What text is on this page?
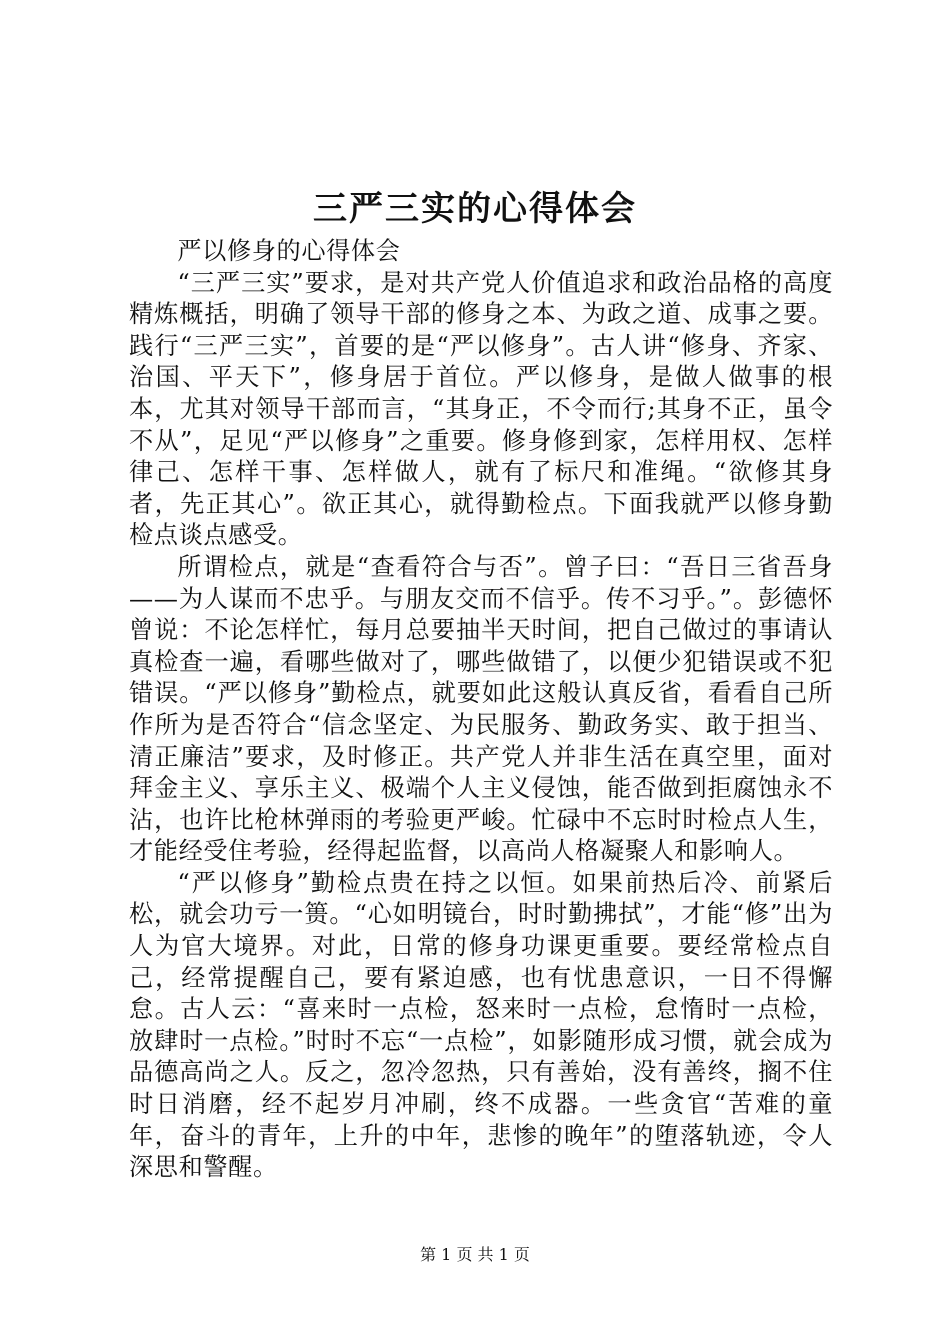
三严三实的心得体会

严以修身的心得体会

“三严三实”要求，是对共产党人价值追求和政治品格的高度精炼概括，明确了领导干部的修身之本、为政之道、成事之要。践行“三严三实”，首要的是“严以修身”。古人讲“修身、齐家、治国、平天下”，修身居于首位。严以修身，是做人做事的根本，尤其对领导干部而言，“其身正，不令而行;其身不正，虽令不从”，足见“严以修身”之重要。修身修到家，怎样用权、怎样律己、怎样干事、怎样做人，就有了标尺和准绳。“欲修其身者，先正其心”。欲正其心，就得勤检点。下面我就严以修身勤检点谈点感受。

所谓检点，就是“查看符合与否”。曾子曰：“吾日三省吾身——为人谋而不忠乎。与朋友交而不信乎。传不习乎。”。彭德怀曾说：不论怎样忙，每月总要抽半天时间，把自己做过的事请认真检查一遍，看哪些做对了，哪些做错了，以便少犯错误或不犯错误。“严以修身”勤检点，就要如此这般认真反省，看看自己所作所为是否符合“信念坚定、为民服务、勤政务实、敢于担当、清正廉洁”要求，及时修正。共产党人并非生活在真空里，面对拜金主义、享乐主义、极端个人主义侵蚀，能否做到拒腐蚀永不沾，也许比枪林弹雨的考验更严峻。忙碌中不忘时时检点人生，才能经受住考验，经得起监督，以高尚人格凝聚人和影响人。

“严以修身”勤检点贵在持之以恒。如果前热后冷、前紧后松，就会功亏一篑。“心如明镜台，时时勤拂拭”，才能“修”出为人为官大境界。对此，日常的修身功课更重要。要经常检点自己，经常提醒自己，要有紧迫感，也有忧患意识，一日不得懈怠。古人云：“喜来时一点检，怒来时一点检，怠惰时一点检，放肆时一点检。”时时不忘“一点检”，如影随形成习惯，就会成为品德高尚之人。反之，忽冷忽热，只有善始，没有善终，搁不住时日消磨，经不起岁月冲刷，终不成器。一些贪官“苦难的童年，奋斗的青年，上升的中年，悲惨的晚年”的堕落轨迹，令人深思和警醒。

第 1 页 共 1 页
